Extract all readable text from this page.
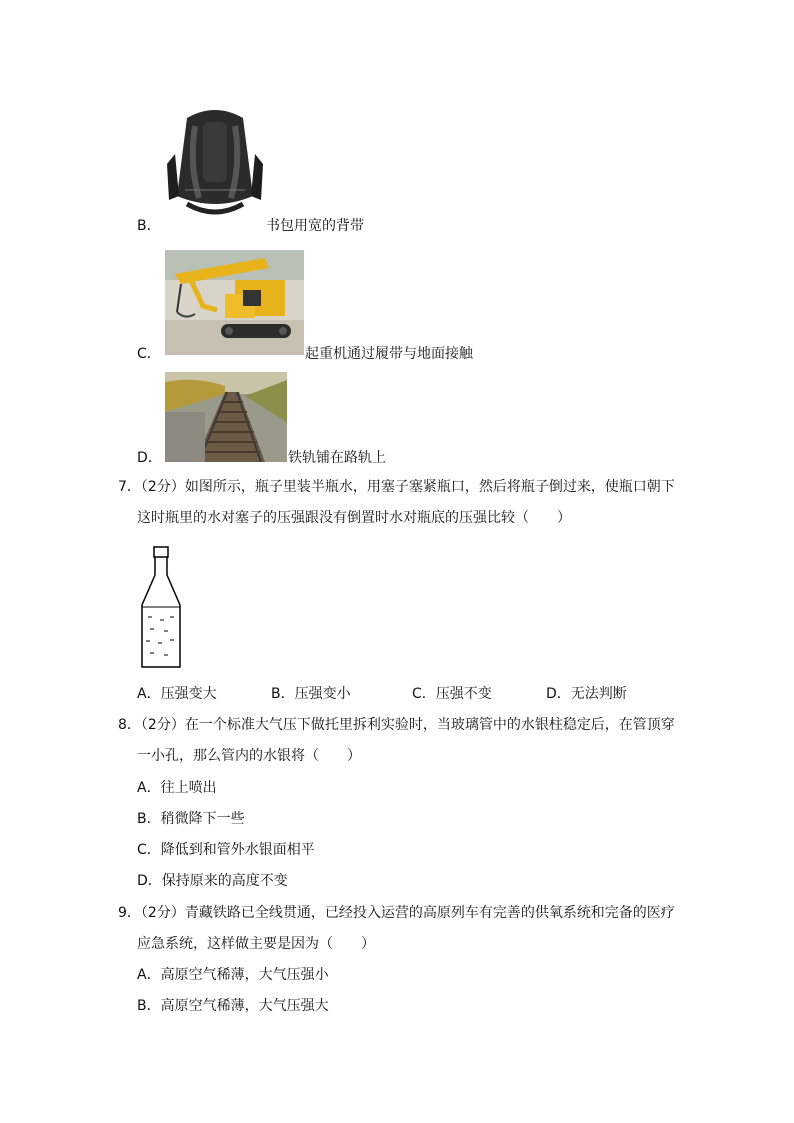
B．	书包用宽的背带
C．	起重机通过履带与地面接触
D．	铁轨铺在路轨上
7．（2分）如图所示，瓶子里装半瓶水，用塞子塞紧瓶口，然后将瓶子倒过来，使瓶口朝下
这时瓶里的水对塞子的压强跟没有倒置时水对瓶底的压强比较（　　）
A．压强变大	B．压强变小	C．压强不变	D．无法判断
8．（2分）在一个标准大气压下做托里拆利实验时，当玻璃管中的水银柱稳定后，在管顶穿
一小孔，那么管内的水银将（　　）
A．往上喷出
B．稍微降下一些
C．降低到和管外水银面相平
D．保持原来的高度不变
9．（2分）青藏铁路已全线贯通，已经投入运营的高原列车有完善的供氧系统和完备的医疗
应急系统，这样做主要是因为（　　）
A．高原空气稀薄，大气压强小
B．高原空气稀薄，大气压强大
